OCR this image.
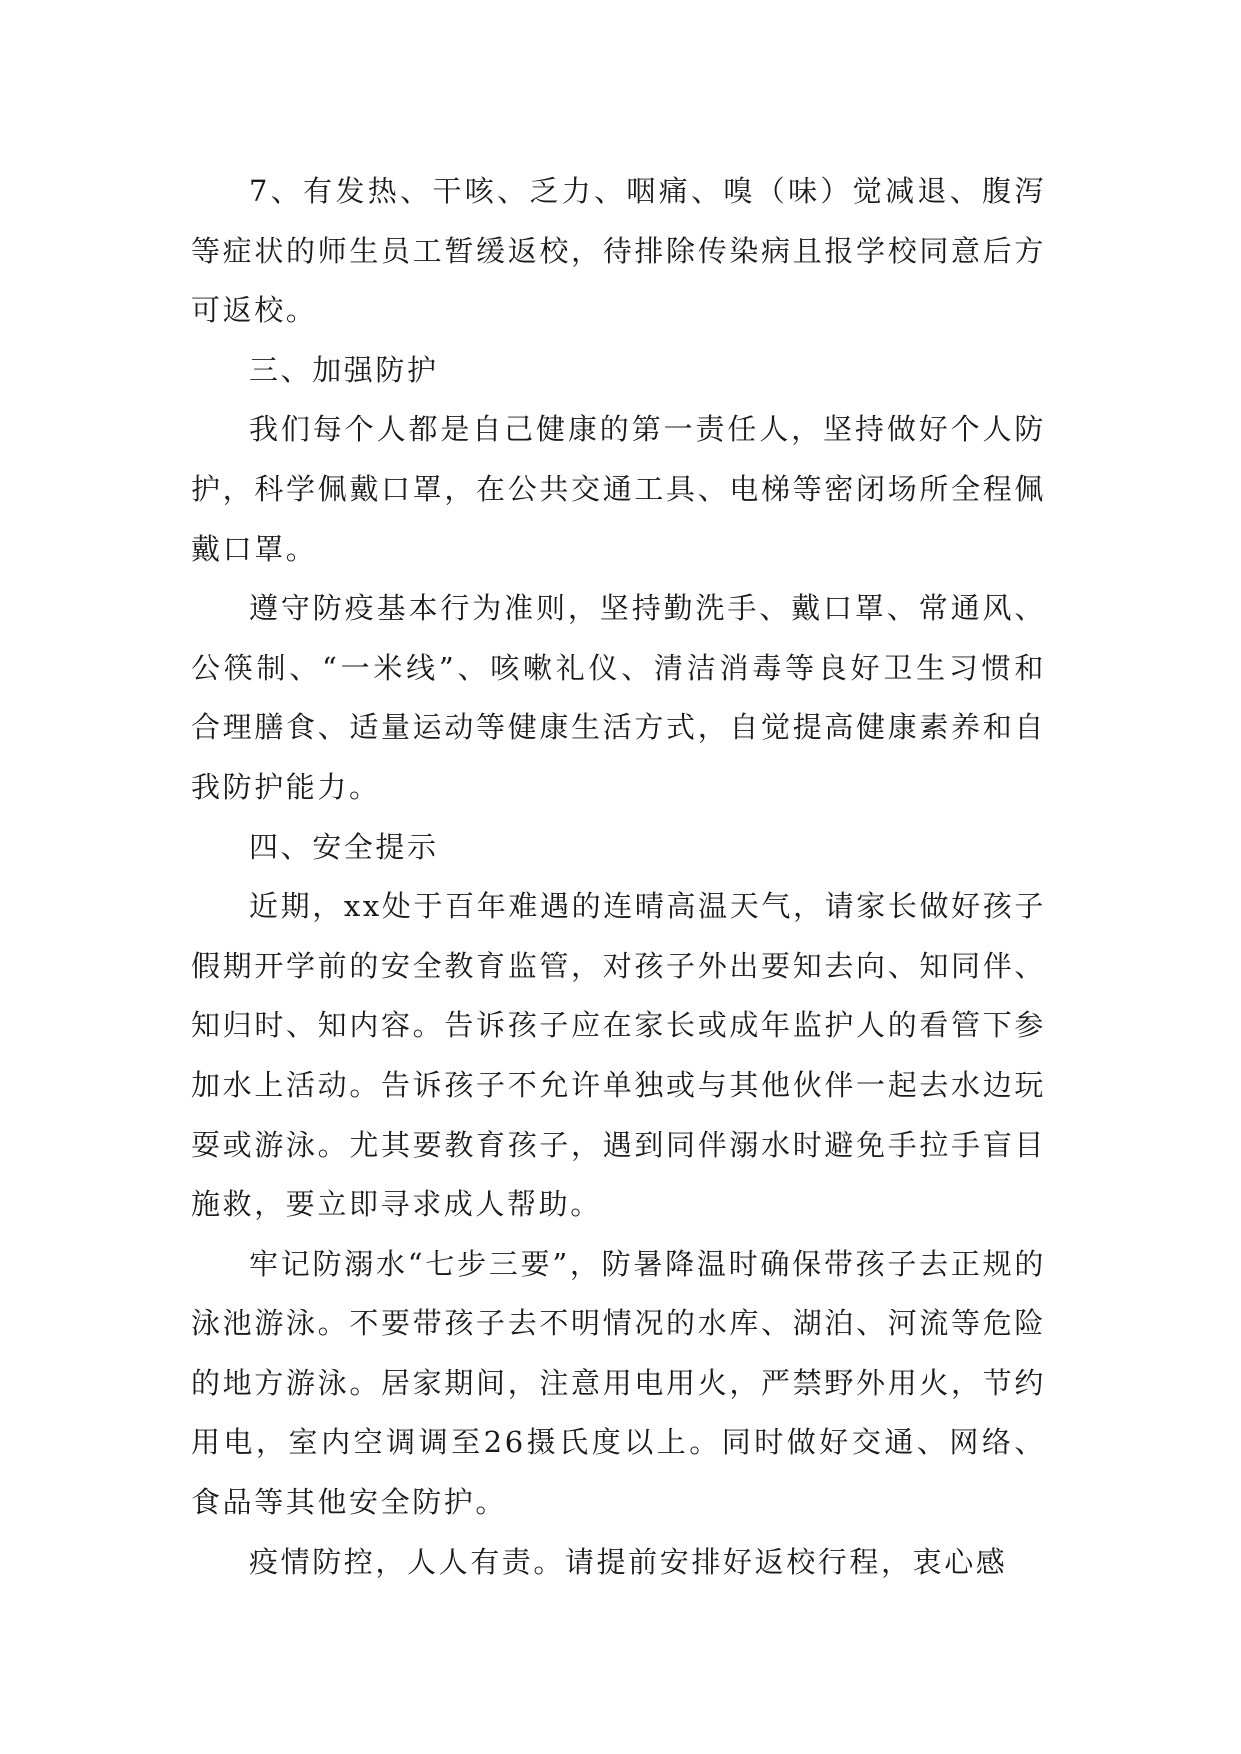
7、有发热、干咳、乏力、咽痛、嗅（味）觉减退、腹泻等症状的师生员工暂缓返校，待排除传染病且报学校同意后方可返校。

三、加强防护

我们每个人都是自己健康的第一责任人，坚持做好个人防护，科学佩戴口罩，在公共交通工具、电梯等密闭场所全程佩戴口罩。

遵守防疫基本行为准则，坚持勤洗手、戴口罩、常通风、公筷制、“一米线”、咳嗽礼仪、清洁消毒等良好卫生习惯和合理膳食、适量运动等健康生活方式，自觉提高健康素养和自我防护能力。

四、安全提示

近期，xx处于百年难遇的连晴高温天气，请家长做好孩子假期开学前的安全教育监管，对孩子外出要知去向、知同伴、知归时、知内容。告诉孩子应在家长或成年监护人的看管下参加水上活动。告诉孩子不允许单独或与其他伙伴一起去水边玩耍或游泳。尤其要教育孩子，遇到同伴溺水时避免手拉手盲目施救，要立即寻求成人帮助。

牢记防溺水“七步三要”，防暑降温时确保带孩子去正规的泳池游泳。不要带孩子去不明情况的水库、湖泊、河流等危险的地方游泳。居家期间，注意用电用火，严禁野外用火，节约用电，室内空调调至26摄氏度以上。同时做好交通、网络、食品等其他安全防护。

疫情防控，人人有责。请提前安排好返校行程，衷心感
